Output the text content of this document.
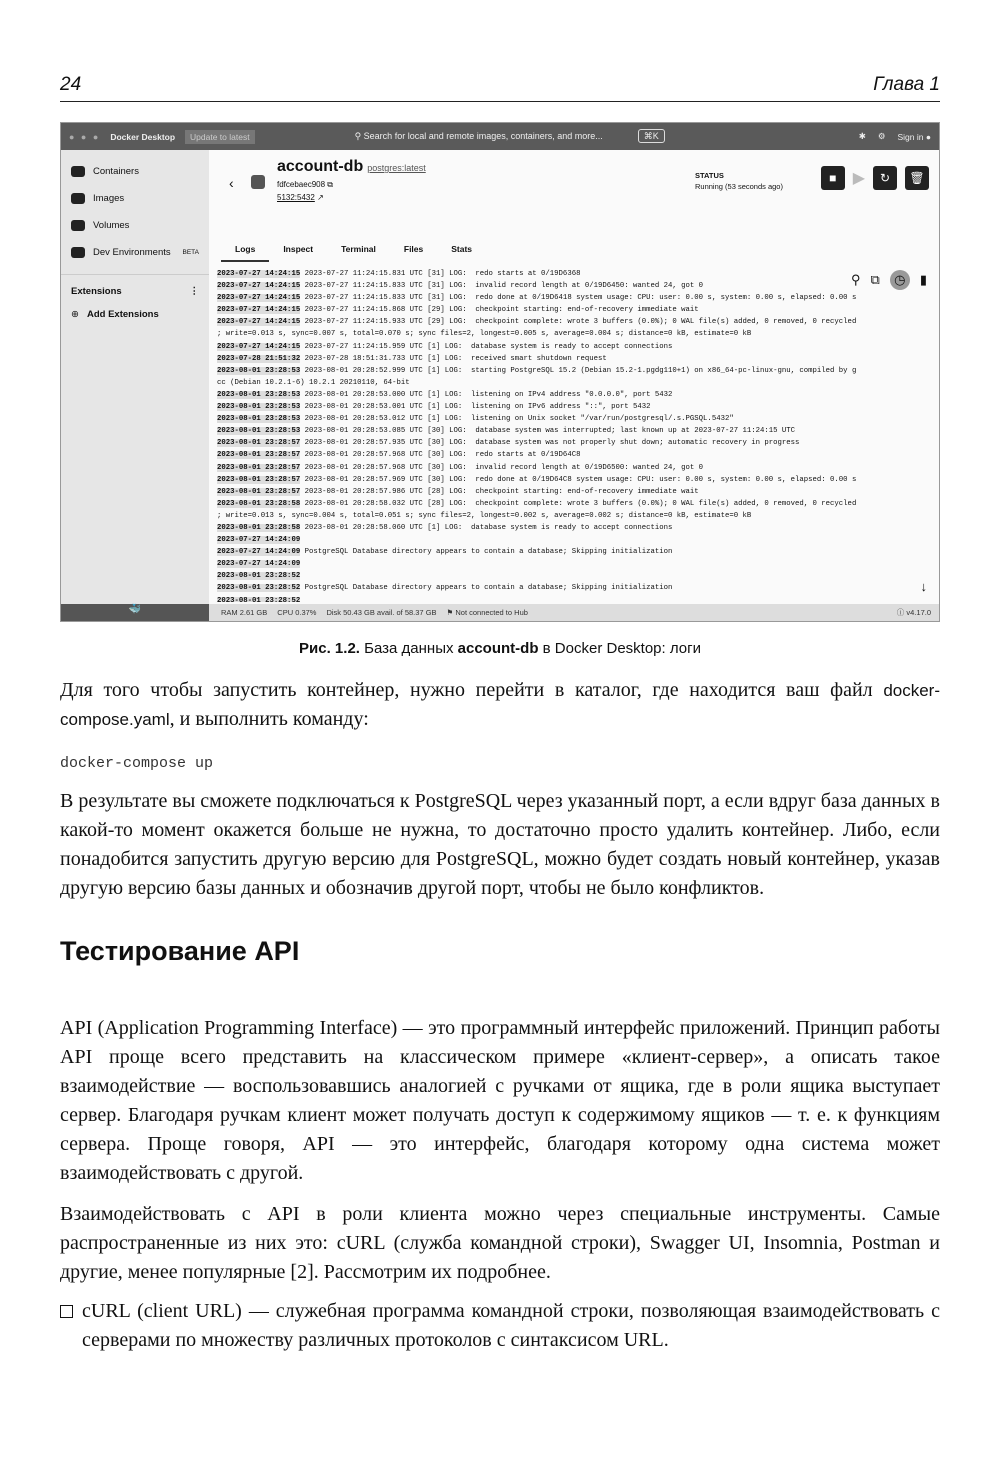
24	Глава 1
● ● ● Docker Desktop	Update to latest	⚲ Search for local and remote images, containers, and more...	⌘K	✱ ⚙ Sign in ●
Containers
Images
Volumes
Dev Environments BETA
Extensions	⋮
⊕ Add Extensions
‹
account-db postgres:latest
fdfcebaec908 ⧉
5132:5432 ↗
STATUS
Running (53 seconds ago)
■	▶	↻	🗑
Logs	Inspect	Terminal	Files	Stats
2023-07-27 14:24:15 2023-07-27 11:24:15.831 UTC [31] LOG:  redo starts at 0/19D6368
2023-07-27 14:24:15 2023-07-27 11:24:15.833 UTC [31] LOG:  invalid record length at 0/19D6450: wanted 24, got 0
2023-07-27 14:24:15 2023-07-27 11:24:15.833 UTC [31] LOG:  redo done at 0/19D6418 system usage: CPU: user: 0.00 s, system: 0.00 s, elapsed: 0.00 s
2023-07-27 14:24:15 2023-07-27 11:24:15.868 UTC [29] LOG:  checkpoint starting: end-of-recovery immediate wait
2023-07-27 14:24:15 2023-07-27 11:24:15.933 UTC [29] LOG:  checkpoint complete: wrote 3 buffers (0.0%); 0 WAL file(s) added, 0 removed, 0 recycled
; write=0.013 s, sync=0.007 s, total=0.070 s; sync files=2, longest=0.005 s, average=0.004 s; distance=0 kB, estimate=0 kB
2023-07-27 14:24:15 2023-07-27 11:24:15.959 UTC [1] LOG:  database system is ready to accept connections
2023-07-28 21:51:32 2023-07-28 18:51:31.733 UTC [1] LOG:  received smart shutdown request
2023-08-01 23:28:53 2023-08-01 20:28:52.999 UTC [1] LOG:  starting PostgreSQL 15.2 (Debian 15.2-1.pgdg110+1) on x86_64-pc-linux-gnu, compiled by g
cc (Debian 10.2.1-6) 10.2.1 20210110, 64-bit
2023-08-01 23:28:53 2023-08-01 20:28:53.000 UTC [1] LOG:  listening on IPv4 address "0.0.0.0", port 5432
2023-08-01 23:28:53 2023-08-01 20:28:53.001 UTC [1] LOG:  listening on IPv6 address "::", port 5432
2023-08-01 23:28:53 2023-08-01 20:28:53.012 UTC [1] LOG:  listening on Unix socket "/var/run/postgresql/.s.PGSQL.5432"
2023-08-01 23:28:53 2023-08-01 20:28:53.085 UTC [30] LOG:  database system was interrupted; last known up at 2023-07-27 11:24:15 UTC
2023-08-01 23:28:57 2023-08-01 20:28:57.935 UTC [30] LOG:  database system was not properly shut down; automatic recovery in progress
2023-08-01 23:28:57 2023-08-01 20:28:57.968 UTC [30] LOG:  redo starts at 0/19D64C8
2023-08-01 23:28:57 2023-08-01 20:28:57.968 UTC [30] LOG:  invalid record length at 0/19D6500: wanted 24, got 0
2023-08-01 23:28:57 2023-08-01 20:28:57.969 UTC [30] LOG:  redo done at 0/19D64C8 system usage: CPU: user: 0.00 s, system: 0.00 s, elapsed: 0.00 s
2023-08-01 23:28:57 2023-08-01 20:28:57.986 UTC [28] LOG:  checkpoint starting: end-of-recovery immediate wait
2023-08-01 23:28:58 2023-08-01 20:28:58.032 UTC [28] LOG:  checkpoint complete: wrote 3 buffers (0.0%); 0 WAL file(s) added, 0 removed, 0 recycled
; write=0.013 s, sync=0.004 s, total=0.051 s; sync files=2, longest=0.002 s, average=0.002 s; distance=0 kB, estimate=0 kB
2023-08-01 23:28:58 2023-08-01 20:28:58.060 UTC [1] LOG:  database system is ready to accept connections
2023-07-27 14:24:09
2023-07-27 14:24:09 PostgreSQL Database directory appears to contain a database; Skipping initialization
2023-07-27 14:24:09
2023-08-01 23:28:52
2023-08-01 23:28:52 PostgreSQL Database directory appears to contain a database; Skipping initialization
2023-08-01 23:28:52
⚲ ⧉	◷	▮
↓
🐳	RAM 2.61 GB CPU 0.37% Disk 50.43 GB avail. of 58.37 GB ⚑ Not connected to Hub	ⓘ v4.17.0
Рис. 1.2. База данных account-db в Docker Desktop: логи

Для того чтобы запустить контейнер, нужно перейти в каталог, где находится ваш файл docker-compose.yaml, и выполнить команду:

docker-compose up

В результате вы сможете подключаться к PostgreSQL через указанный порт, а если вдруг база данных в какой-то момент окажется больше не нужна, то достаточно просто удалить контейнер. Либо, если понадобится запустить другую версию для PostgreSQL, можно будет создать новый контейнер, указав другую версию базы данных и обозначив другой порт, чтобы не было конфликтов.

Тестирование API

API (Application Programming Interface) — это программный интерфейс приложений. Принцип работы API проще всего представить на классическом примере «клиент-сервер», а описать такое взаимодействие — воспользовавшись аналогией с ручками от ящика, где в роли ящика выступает сервер. Благодаря ручкам клиент может получать доступ к содержимому ящиков — т. е. к функциям сервера. Проще говоря, API — это интерфейс, благодаря которому одна система может взаимодействовать с другой.

Взаимодействовать с API в роли клиента можно через специальные инструменты. Самые распространенные из них это: cURL (служба командной строки), Swagger UI, Insomnia, Postman и другие, менее популярные [2]. Рассмотрим их подробнее.

cURL (client URL) — служебная программа командной строки, позволяющая взаимодействовать с серверами по множеству различных протоколов с синтаксисом URL.
